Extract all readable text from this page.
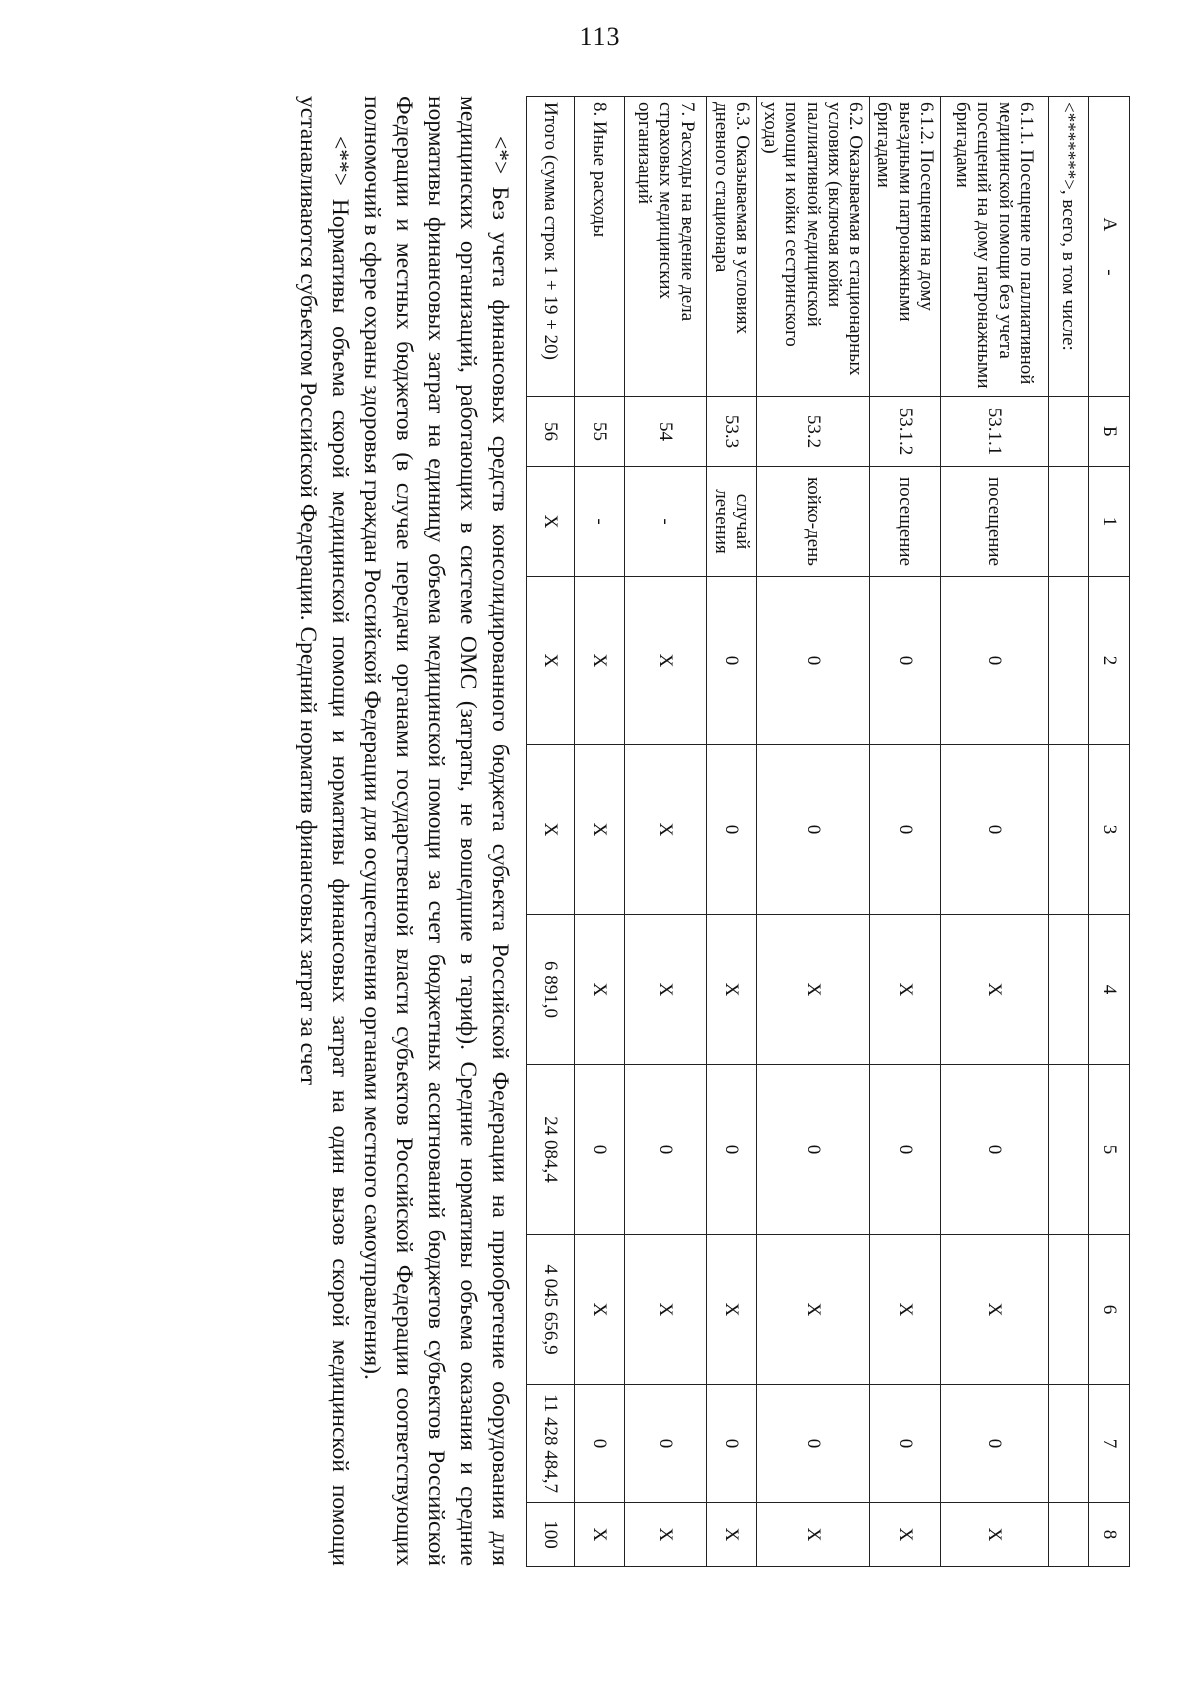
113
А        -	Б	1	2	3	4	5	6	7	8
<*******>, всего, в том числе:									
6.1.1. Посещение по паллиативной медицинской помощи без учета посещений на дому патронажными бригадами	53.1.1	посещение	0	0	X	0	X	0	X
6.1.2. Посещения на дому выездными патронажными бригадами	53.1.2	посещение	0	0	X	0	X	0	X
6.2. Оказываемая в стационарных условиях (включая койки паллиативной медицинской помощи и койки сестринского ухода)	53.2	койко-день	0	0	X	0	X	0	X
6.3. Оказываемая в условиях дневного стационара	53.3	случай лечения	0	0	X	0	X	0	X
7. Расходы на ведение дела страховых медицинских организаций	54	-	X	X	X	0	X	0	X
8. Иные расходы	55	-	X	X	X	0	X	0	X
Итого (сумма строк 1 + 19 + 20)	56	X	X	X	6 891,0	24 084,4	4 045 656,9	11 428 484,7	100

<*> Без учета финансовых средств консолидированного бюджета субъекта Российской Федерации на приобретение оборудования для медицинских организаций, работающих в системе ОМС (затраты, не вошедшие в тариф). Средние нормативы объема оказания и средние нормативы финансовых затрат на единицу объема медицинской помощи за счет бюджетных ассигнований бюджетов субъектов Российской Федерации и местных бюджетов (в случае передачи органами государственной власти субъектов Российской Федерации соответствующих полномочий в сфере охраны здоровья граждан Российской Федерации для осуществления органами местного самоуправления).

<**> Нормативы объема скорой медицинской помощи и нормативы финансовых затрат на один вызов скорой медицинской помощи устанавливаются субъектом Российской Федерации. Средний норматив финансовых затрат за счет
